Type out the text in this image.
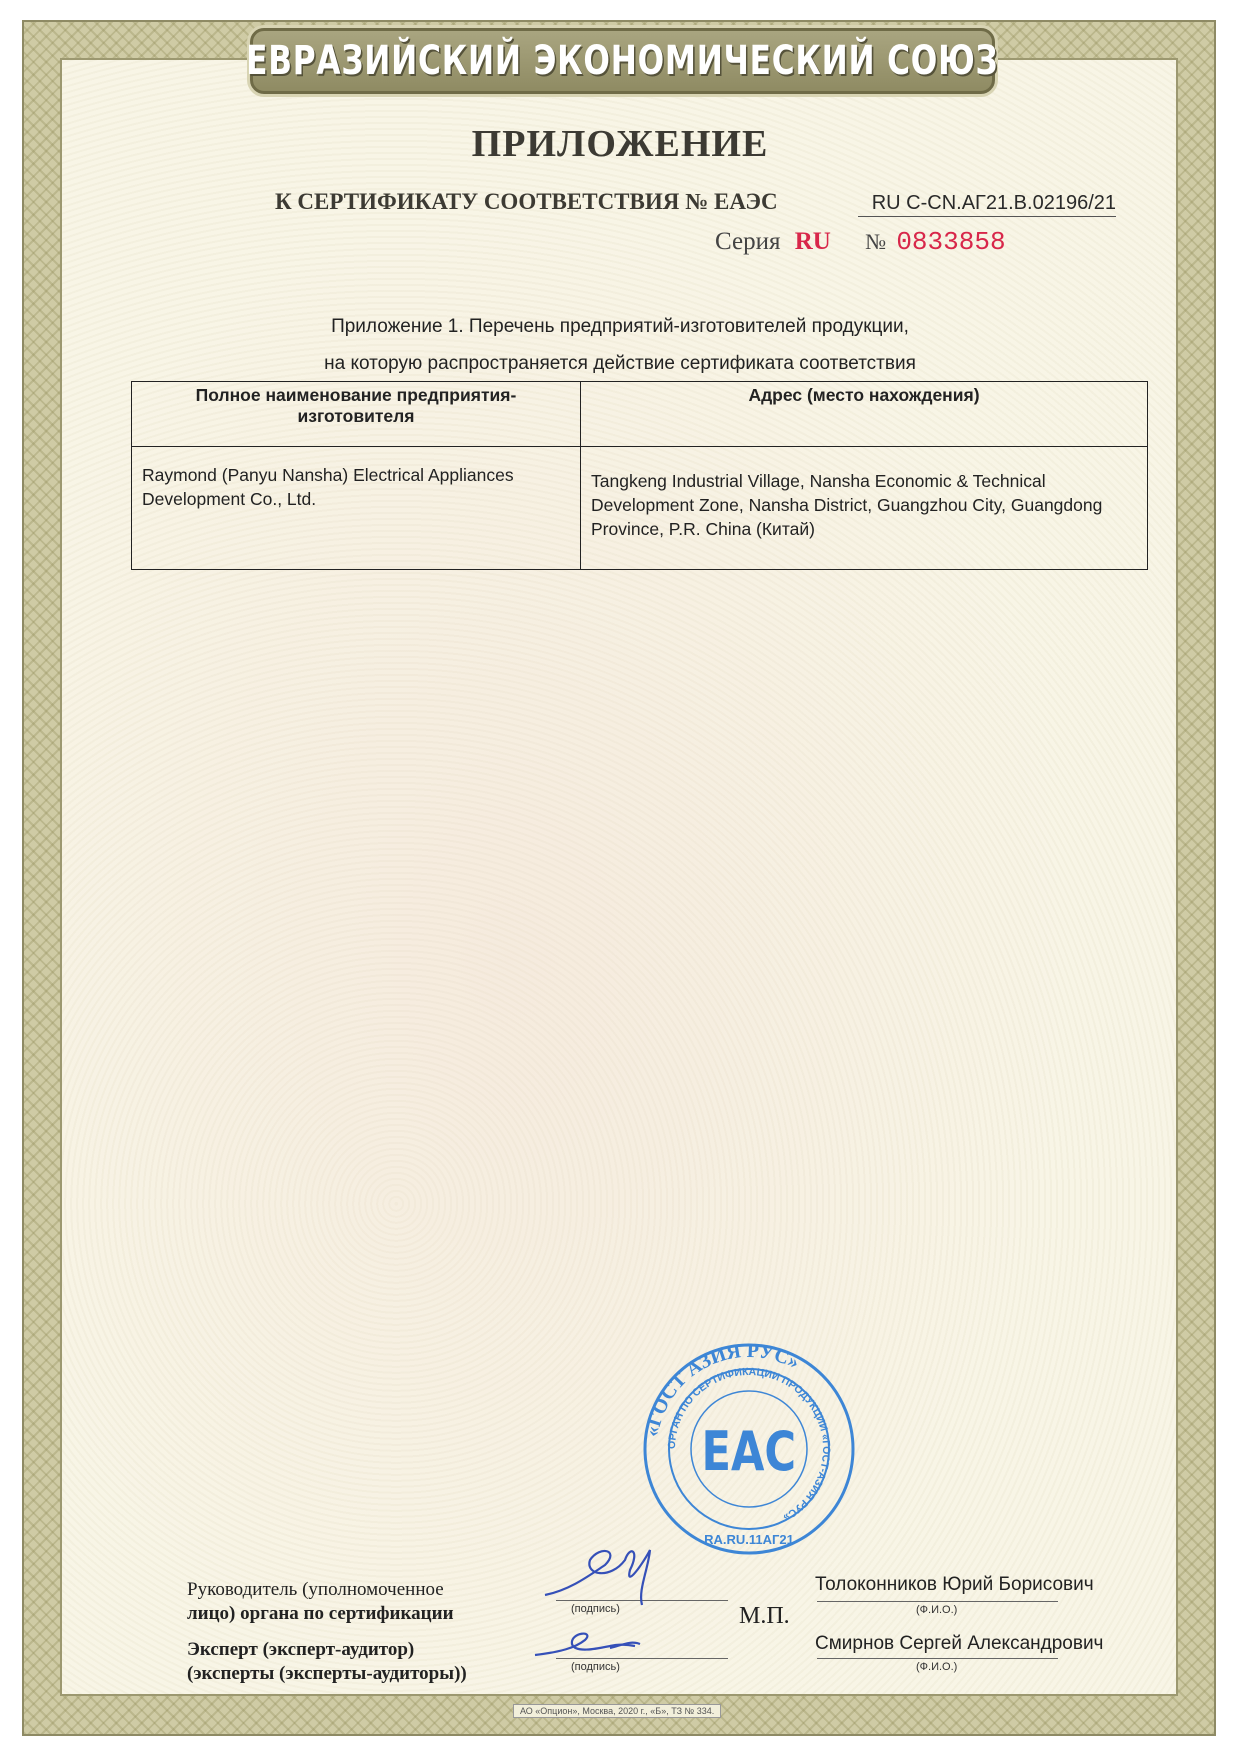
ЕВРАЗИЙСКИЙ ЭКОНОМИЧЕСКИЙ СОЮЗ
ПРИЛОЖЕНИЕ
К СЕРТИФИКАТУ СООТВЕТСТВИЯ № ЕАЭС	RU C-CN.АГ21.В.02196/21
Серия RU № 0833858
Приложение 1. Перечень предприятий-изготовителей продукции,
на которую распространяется действие сертификата соответствия
Полное наименование предприятия-изготовителя	Адрес (место нахождения)
Raymond (Panyu Nansha) Electrical Appliances Development Co., Ltd.	Tangkeng Industrial Village, Nansha Economic & Technical Development Zone, Nansha District, Guangzhou City, Guangdong Province, P.R. China (Китай)
«ГОСТ АЗИЯ РУС»
ОРГАН ПО СЕРТИФИКАЦИИ ПРОДУКЦИИ «ГОСТ-АЗИЯ РУС»
ЕАС
RA.RU.11АГ21
Руководитель (уполномоченное
лицо) органа по сертификации	(подпись)
Толоконников Юрий Борисович
(Ф.И.О.)
Эксперт (эксперт-аудитор)
(эксперты (эксперты-аудиторы))	(подпись)
Смирнов Сергей Александрович
(Ф.И.О.)
М.П.
АО «Опцион», Москва, 2020 г., «Б», ТЗ № 334.
